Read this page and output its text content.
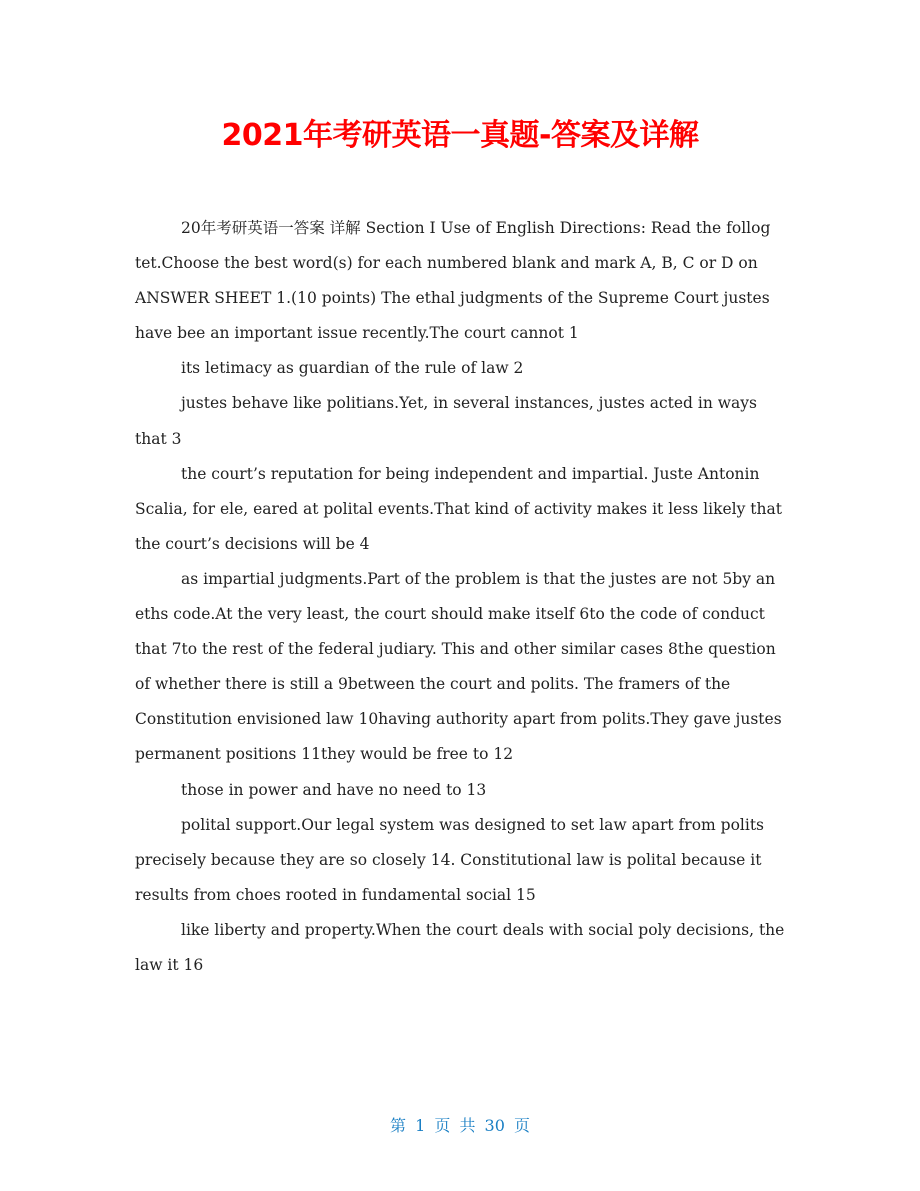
2021年考研英语一真题-答案及详解

20年考研英语一答案 详解 Section I Use of English Directions: Read the follog tet.Choose the best word(s) for each numbered blank and mark A, B, C or D on ANSWER SHEET 1.(10 points) The ethal judgments of the Supreme Court justes have bee an important issue recently.The court cannot 1

its letimacy as guardian of the rule of law 2

justes behave like politians.Yet, in several instances, justes acted in ways that 3

the court’s reputation for being independent and impartial. Juste Antonin Scalia, for ele, eared at polital events.That kind of activity makes it less likely that the court’s decisions will be 4

as impartial judgments.Part of the problem is that the justes are not 5by an eths code.At the very least, the court should make itself 6to the code of conduct that 7to the rest of the federal judiary. This and other similar cases 8the question of whether there is still a 9between the court and polits. The framers of the Constitution envisioned law 10having authority apart from polits.They gave justes permanent positions 11they would be free to 12

those in power and have no need to 13

polital support.Our legal system was designed to set law apart from polits precisely because they are so closely 14. Constitutional law is polital because it results from choes rooted in fundamental social 15

like liberty and property.When the court deals with social poly decisions, the law it 16

第 1 页 共 30 页
